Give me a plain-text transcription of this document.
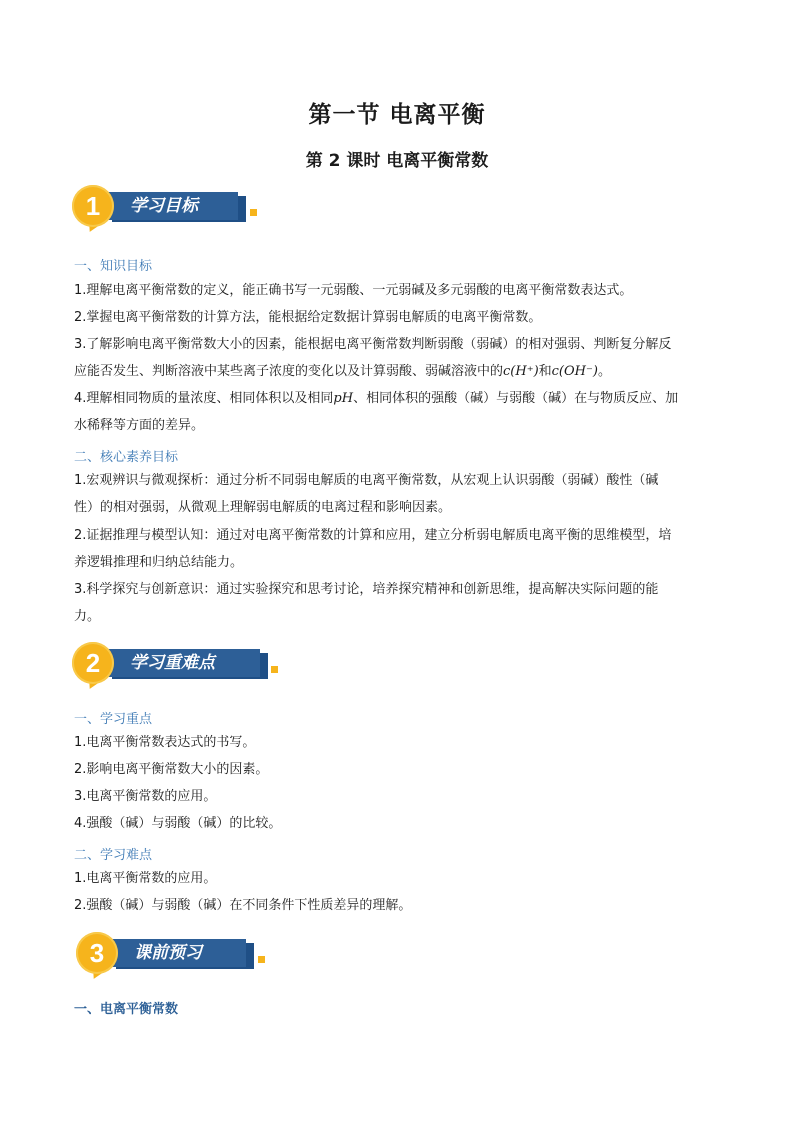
第一节 电离平衡
第 2 课时 电离平衡常数
学习目标
1

一、知识目标

1.理解电离平衡常数的定义，能正确书写一元弱酸、一元弱碱及多元弱酸的电离平衡常数表达式。

2.掌握电离平衡常数的计算方法，能根据给定数据计算弱电解质的电离平衡常数。

3.了解影响电离平衡常数大小的因素，能根据电离平衡常数判断弱酸（弱碱）的相对强弱、判断复分解反

应能否发生、判断溶液中某些离子浓度的变化以及计算弱酸、弱碱溶液中的c(H⁺)和c(OH⁻)。

4.理解相同物质的量浓度、相同体积以及相同pH、相同体积的强酸（碱）与弱酸（碱）在与物质反应、加

水稀释等方面的差异。

二、核心素养目标

1.宏观辨识与微观探析：通过分析不同弱电解质的电离平衡常数，从宏观上认识弱酸（弱碱）酸性（碱

性）的相对强弱，从微观上理解弱电解质的电离过程和影响因素。

2.证据推理与模型认知：通过对电离平衡常数的计算和应用，建立分析弱电解质电离平衡的思维模型，培

养逻辑推理和归纳总结能力。

3.科学探究与创新意识：通过实验探究和思考讨论，培养探究精神和创新思维，提高解决实际问题的能

力。

学习重难点
2

一、学习重点

1.电离平衡常数表达式的书写。

2.影响电离平衡常数大小的因素。

3.电离平衡常数的应用。

4.强酸（碱）与弱酸（碱）的比较。

二、学习难点

1.电离平衡常数的应用。

2.强酸（碱）与弱酸（碱）在不同条件下性质差异的理解。

课前预习
3

一、电离平衡常数
